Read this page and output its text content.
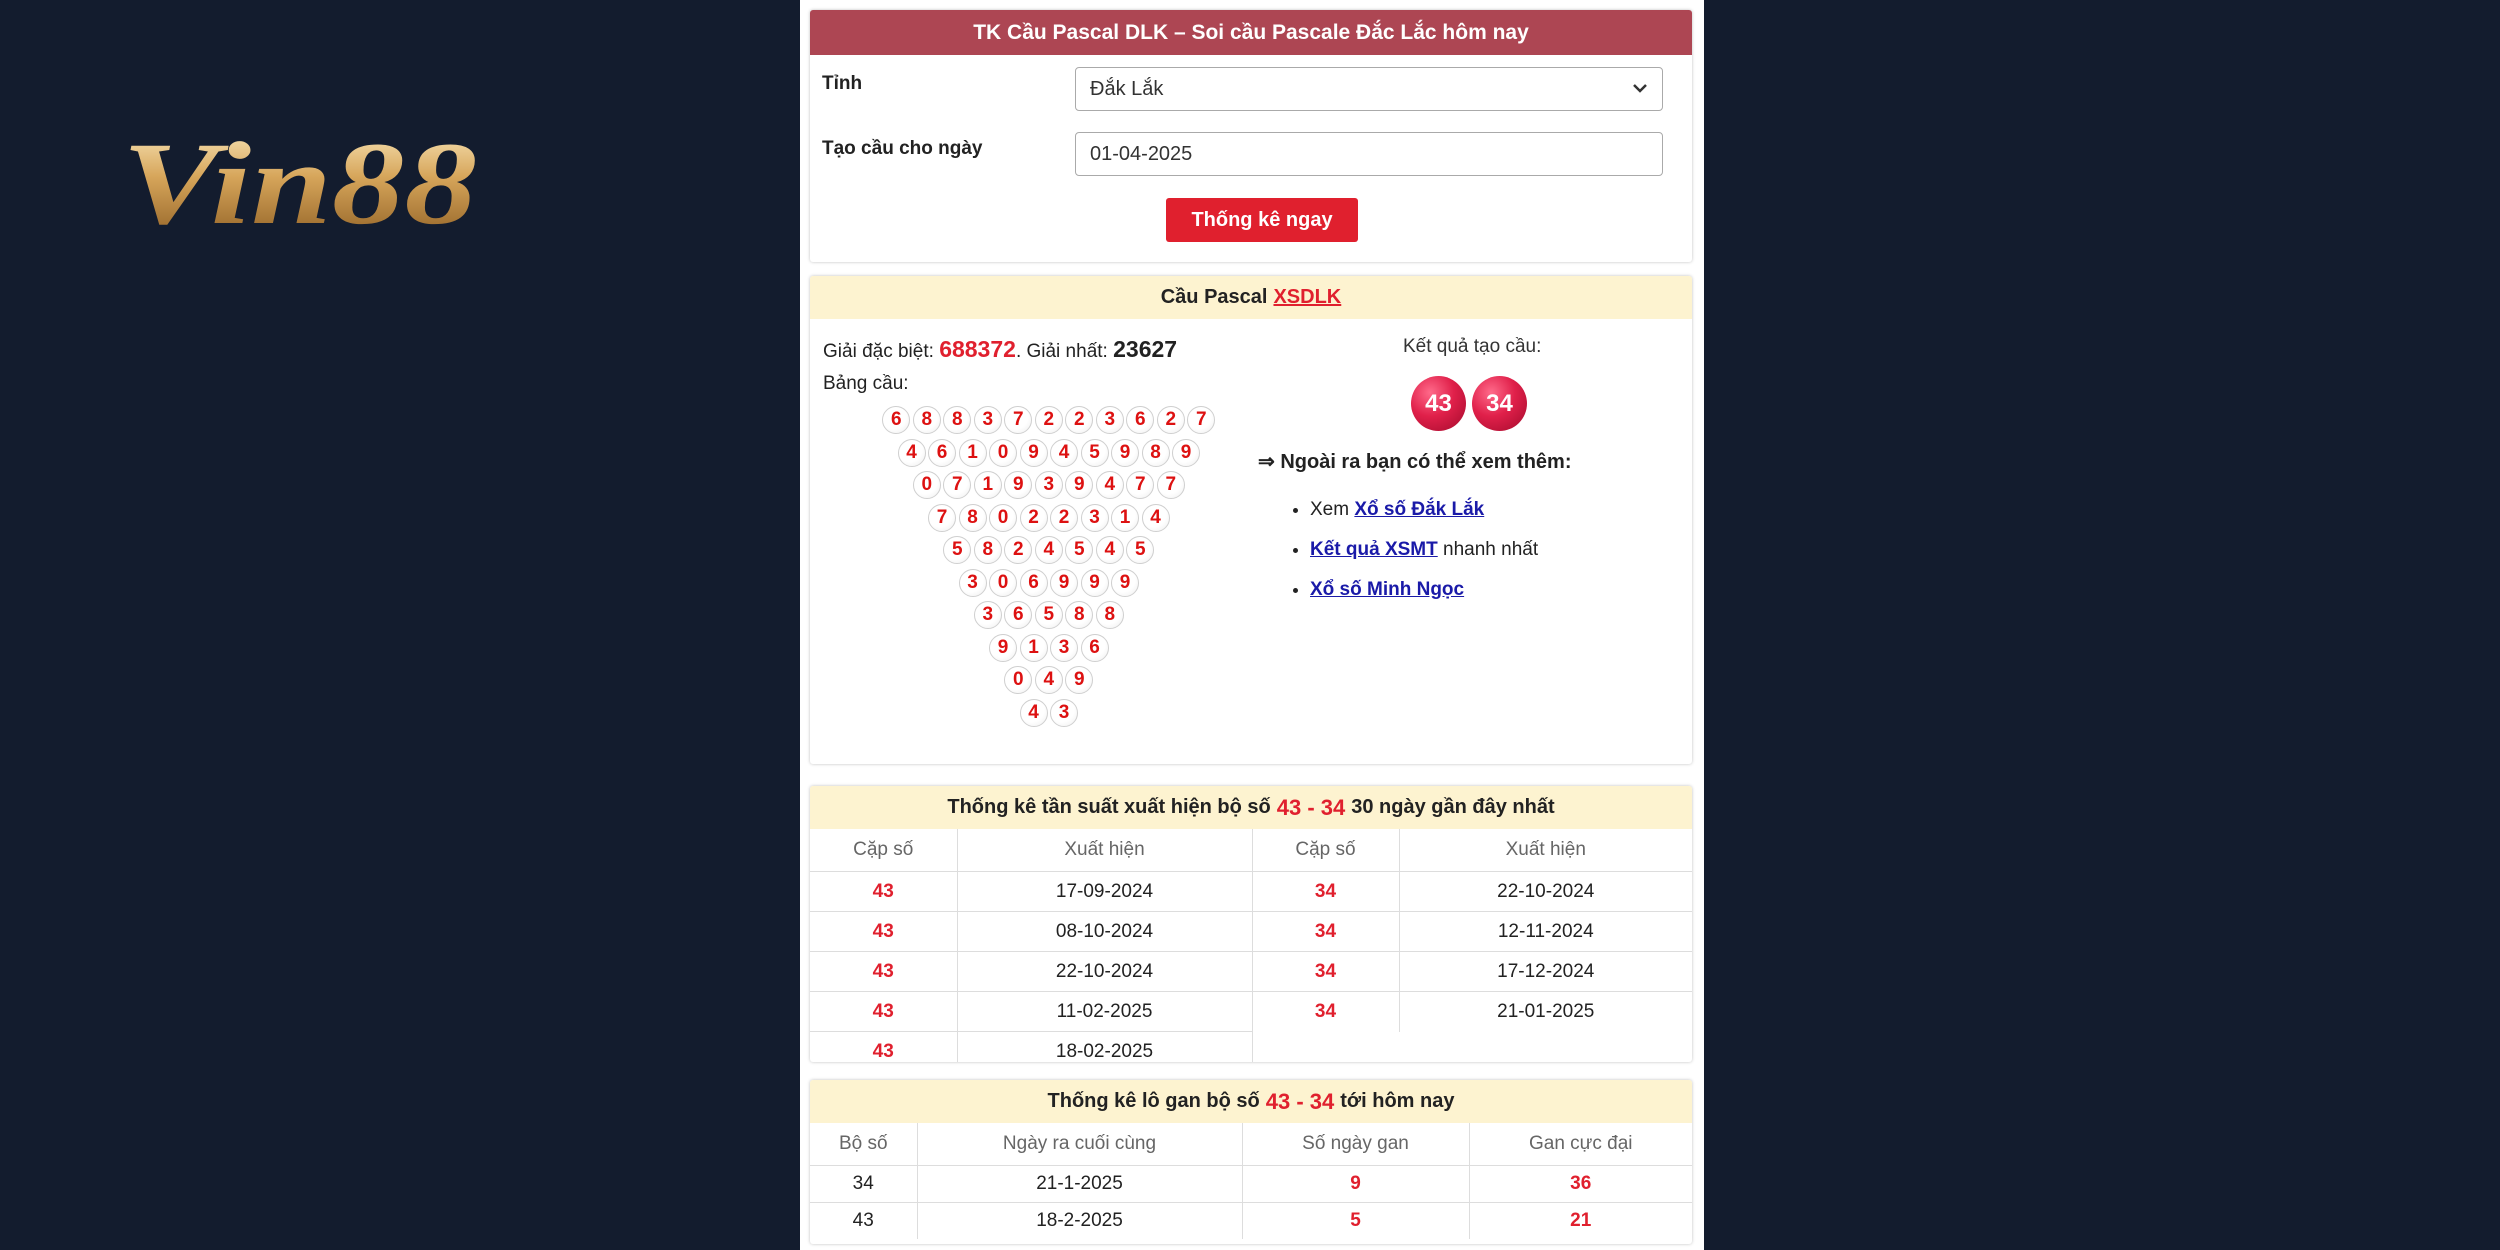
Vin88
TK Cầu Pascal DLK – Soi cầu Pascale Đắc Lắc hôm nay
Tỉnh	Đắk Lắk
Tạo cầu cho ngày	01-04-2025
Thống kê ngay
Cầu Pascal XSDLK
Giải đặc biệt: 688372. Giải nhất: 23627
Bảng cầu:
6	8	8	3	7	2	2	3	6	2	7
4	6	1	0	9	4	5	9	8	9
0	7	1	9	3	9	4	7	7
7	8	0	2	2	3	1	4
5	8	2	4	5	4	5
3	0	6	9	9	9
3	6	5	8	8
9	1	3	6
0	4	9
4	3
Kết quả tạo cầu:
43	34
⇒ Ngoài ra bạn có thể xem thêm:
• Xem Xổ số Đắk Lắk
• Kết quả XSMT nhanh nhất
• Xổ số Minh Ngọc
Thống kê tần suất xuất hiện bộ số 43 - 34 30 ngày gần đây nhất
Cặp số	Xuất hiện	Cặp số	Xuất hiện
43	17-09-2024	34	22-10-2024
43	08-10-2024	34	12-11-2024
43	22-10-2024	34	17-12-2024
43	11-02-2025	34	21-01-2025
43	18-02-2025		
Thống kê lô gan bộ số 43 - 34 tới hôm nay
Bộ số	Ngày ra cuối cùng	Số ngày gan	Gan cực đại
34	21-1-2025	9	36
43	18-2-2025	5	21
